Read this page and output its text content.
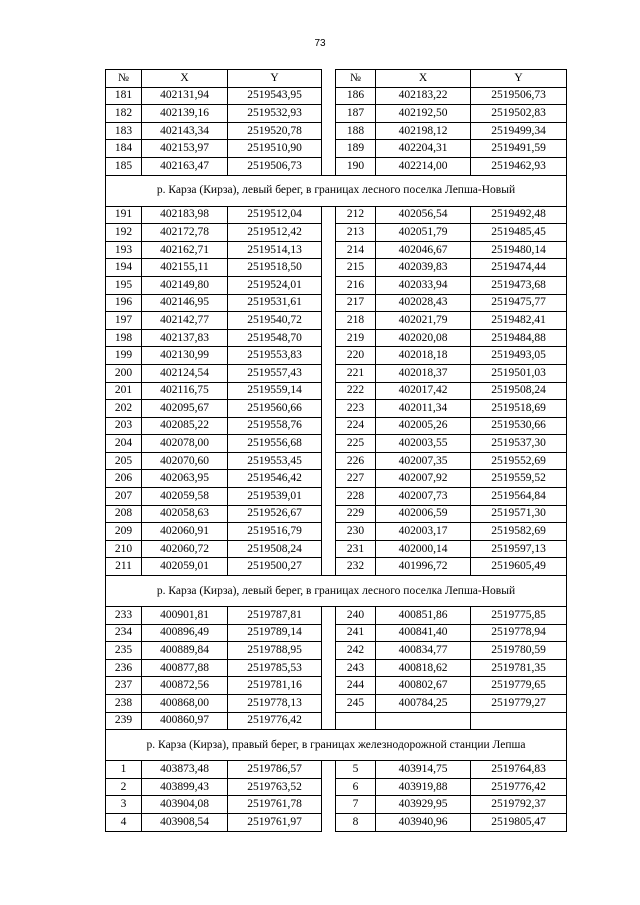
73
№	X	Y		№	X	Y
181	402131,94	2519543,95		186	402183,22	2519506,73
182	402139,16	2519532,93		187	402192,50	2519502,83
183	402143,34	2519520,78		188	402198,12	2519499,34
184	402153,97	2519510,90		189	402204,31	2519491,59
185	402163,47	2519506,73		190	402214,00	2519462,93
р. Карза (Кирза), левый берег, в границах лесного поселка Лепша-Новый						
191	402183,98	2519512,04		212	402056,54	2519492,48
192	402172,78	2519512,42		213	402051,79	2519485,45
193	402162,71	2519514,13		214	402046,67	2519480,14
194	402155,11	2519518,50		215	402039,83	2519474,44
195	402149,80	2519524,01		216	402033,94	2519473,68
196	402146,95	2519531,61		217	402028,43	2519475,77
197	402142,77	2519540,72		218	402021,79	2519482,41
198	402137,83	2519548,70		219	402020,08	2519484,88
199	402130,99	2519553,83		220	402018,18	2519493,05
200	402124,54	2519557,43		221	402018,37	2519501,03
201	402116,75	2519559,14		222	402017,42	2519508,24
202	402095,67	2519560,66		223	402011,34	2519518,69
203	402085,22	2519558,76		224	402005,26	2519530,66
204	402078,00	2519556,68		225	402003,55	2519537,30
205	402070,60	2519553,45		226	402007,35	2519552,69
206	402063,95	2519546,42		227	402007,92	2519559,52
207	402059,58	2519539,01		228	402007,73	2519564,84
208	402058,63	2519526,67		229	402006,59	2519571,30
209	402060,91	2519516,79		230	402003,17	2519582,69
210	402060,72	2519508,24		231	402000,14	2519597,13
211	402059,01	2519500,27		232	401996,72	2519605,49
р. Карза (Кирза), левый берег, в границах лесного поселка Лепша-Новый						
233	400901,81	2519787,81		240	400851,86	2519775,85
234	400896,49	2519789,14		241	400841,40	2519778,94
235	400889,84	2519788,95		242	400834,77	2519780,59
236	400877,88	2519785,53		243	400818,62	2519781,35
237	400872,56	2519781,16		244	400802,67	2519779,65
238	400868,00	2519778,13		245	400784,25	2519779,27
239	400860,97	2519776,42				
р. Карза (Кирза), правый берег, в границах железнодорожной станции Лепша						
1	403873,48	2519786,57		5	403914,75	2519764,83
2	403899,43	2519763,52		6	403919,88	2519776,42
3	403904,08	2519761,78		7	403929,95	2519792,37
4	403908,54	2519761,97		8	403940,96	2519805,47
